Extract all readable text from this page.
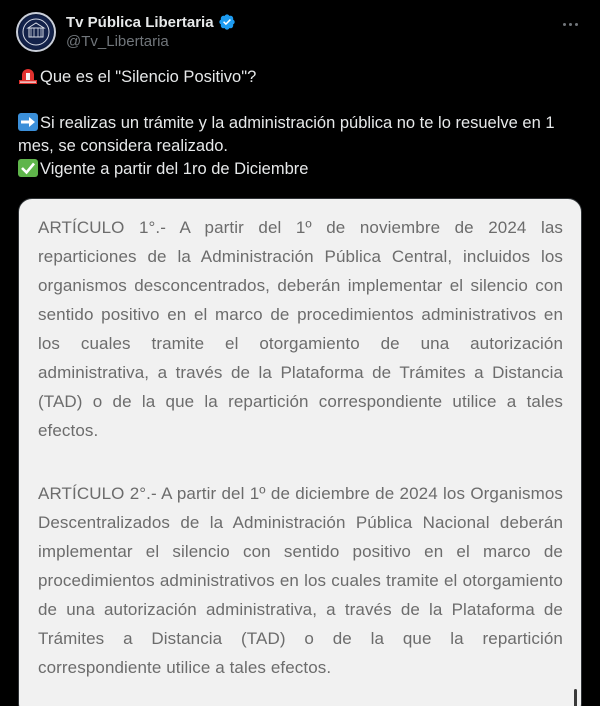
Tv Pública Libertaria
@Tv_Libertaria

Que es el "Silencio Positivo"?

Si realizas un trámite y la administración pública no te lo resuelve en 1 mes, se considera realizado.

Vigente a partir del 1ro de Diciembre

ARTÍCULO 1°.- A partir del 1º de noviembre de 2024 las reparticiones de la Administración Pública Central, incluidos los organismos desconcentrados, deberán implementar el silencio con sentido positivo en el marco de procedimientos administrativos en los cuales tramite el otorgamiento de una autorización administrativa, a través de la Plataforma de Trámites a Distancia (TAD) o de la que la repartición correspondiente utilice a tales efectos.

ARTÍCULO 2°.- A partir del 1º de diciembre de 2024 los Organismos Descentralizados de la Administración Pública Nacional deberán implementar el silencio con sentido positivo en el marco de procedimientos administrativos en los cuales tramite el otorgamiento de una autorización administrativa, a través de la Plataforma de Trámites a Distancia (TAD) o de la que la repartición correspondiente utilice a tales efectos.
